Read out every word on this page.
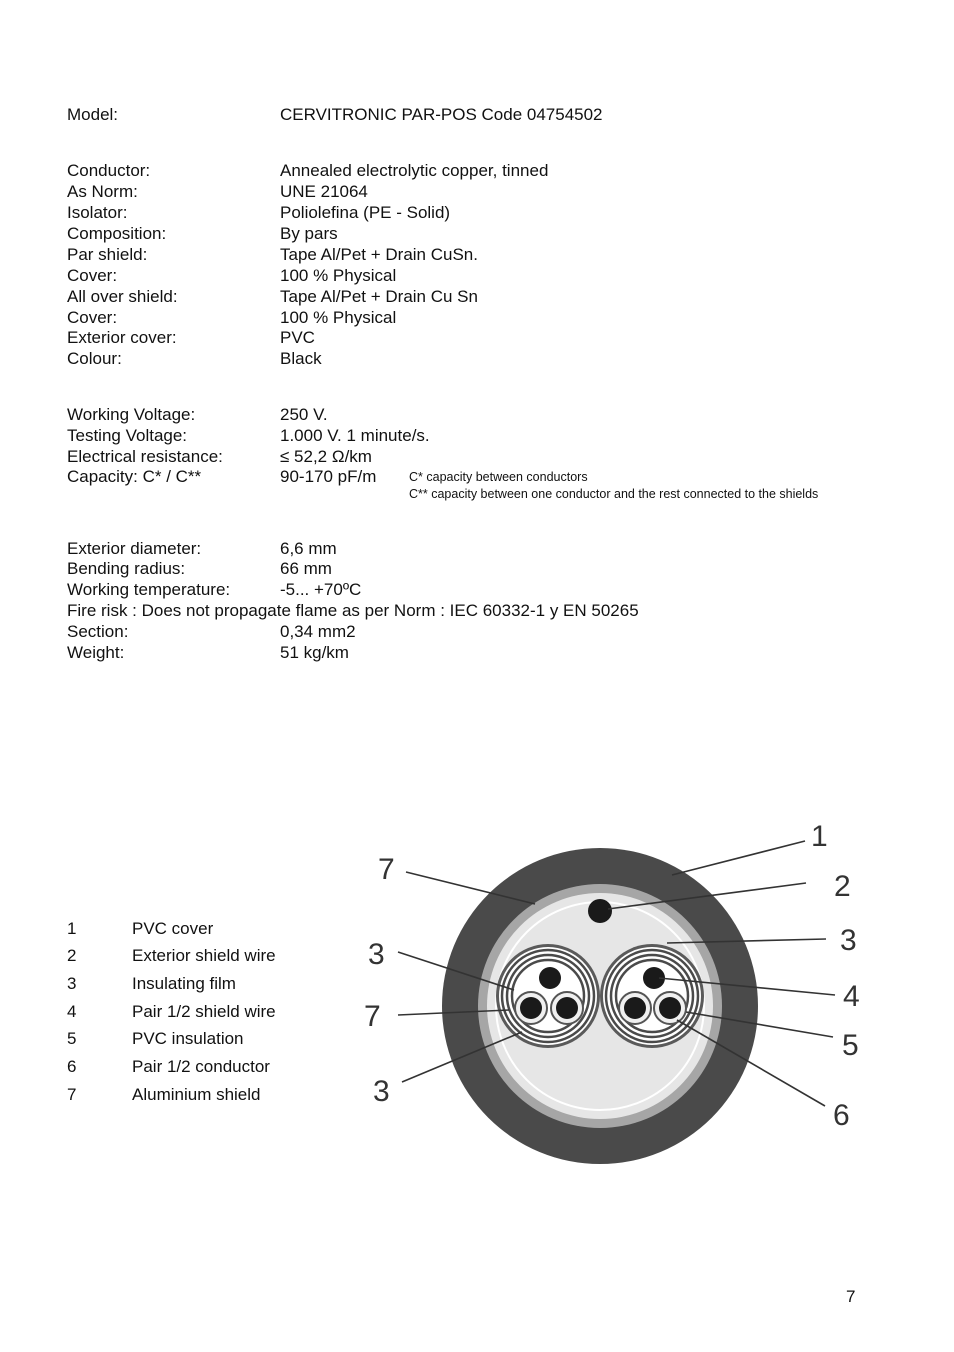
Model:	CERVITRONIC PAR-POS Code 04754502
Conductor:	Annealed electrolytic copper, tinned
As Norm:	UNE 21064
Isolator:	Poliolefina (PE - Solid)
Composition:	By pars
Par shield:	Tape Al/Pet + Drain CuSn.
Cover:	100 % Physical
All over shield:	Tape Al/Pet + Drain Cu Sn
Cover:	100 % Physical
Exterior cover:	PVC
Colour:	Black
Working Voltage:	250 V.
Testing Voltage:	1.000 V. 1 minute/s.
Electrical resistance:	≤ 52,2 Ω/km
Capacity: C* / C**	90-170 pF/m	C* capacity between conductors
C** capacity between one conductor and the rest connected to the shields
Exterior diameter:	6,6 mm
Bending radius:	66 mm
Working temperature:	-5... +70ºC
Fire risk : Does not propagate flame as per Norm : IEC 60332-1 y EN 50265
Section:	0,34 mm2
Weight:	51 kg/km
1	PVC cover
2	Exterior shield wire
3	Insulating film
4	Pair 1/2 shield wire
5	PVC insulation
6	Pair 1/2 conductor
7	Aluminium shield
1
2
3
4
5
6
7
3
7
3
7
